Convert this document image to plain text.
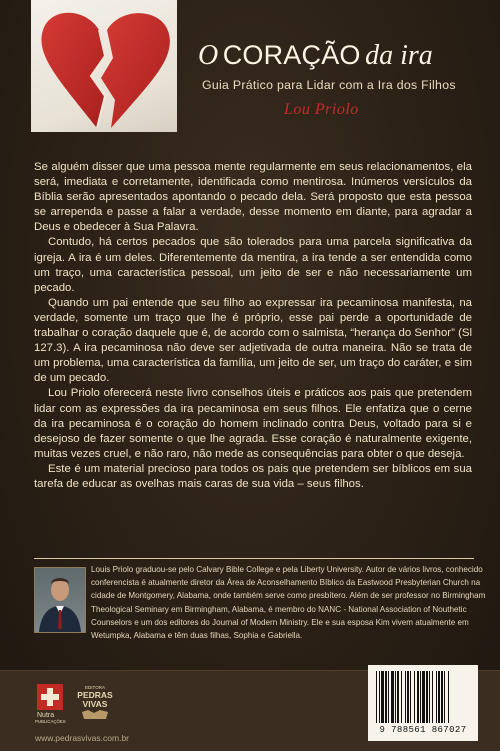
O CORAÇÃO da ira
Guia Prático para Lidar com a Ira dos Filhos
Lou Priolo

Se alguém disser que uma pessoa mente regularmente em seus relacionamentos, ela será, imediata e corretamente, identificada como mentirosa. Inúmeros versículos da Bíblia serão apresentados apontando o pecado dela. Será proposto que esta pessoa se arrependa e passe a falar a verdade, desse momento em diante, para agradar a Deus e obedecer à Sua Palavra.

Contudo, há certos pecados que são tolerados para uma parcela significativa da igreja. A ira é um deles. Diferentemente da mentira, a ira tende a ser entendida como um traço, uma característica pessoal, um jeito de ser e não necessariamente um pecado.

Quando um pai entende que seu filho ao expressar ira pecaminosa manifesta, na verdade, somente um traço que lhe é próprio, esse pai perde a oportunidade de trabalhar o coração daquele que é, de acordo com o salmista, “herança do Senhor” (Sl 127.3). A ira pecaminosa não deve ser adjetivada de outra maneira. Não se trata de um problema, uma característica da família, um jeito de ser, um traço do caráter, e sim de um pecado.

Lou Priolo oferecerá neste livro conselhos úteis e práticos aos pais que pretendem lidar com as expressões da ira pecaminosa em seus filhos. Ele enfatiza que o cerne da ira pecaminosa é o coração do homem inclinado contra Deus, voltado para si e desejoso de fazer somente o que lhe agrada. Esse coração é naturalmente exigente, muitas vezes cruel, e não raro, não mede as consequências para obter o que deseja.

Este é um material precioso para todos os pais que pretendem ser bíblicos em sua tarefa de educar as ovelhas mais caras de sua vida – seus filhos.

Louis Priolo graduou-se pelo Calvary Bible College e pela Liberty University. Autor de vários livros, conhecido conferencista é atualmente diretor da Área de Aconselhamento Bíblico da Eastwood Presbyterian Church na cidade de Montgomery, Alabama, onde também serve como presbítero. Além de ser professor no Birmingham Theological Seminary em Birmingham, Alabama, é membro do NANC - National Association of Nouthetic Counselors e um dos editores do Journal of Modern Ministry. Ele e sua esposa Kim vivem atualmente em Wetumpka, Alabama e têm duas filhas, Sophia e Gabriella.
Nutra
PUBLICAÇÕES
EDITORA
PEDRAS
VIVAS
www.pedrasvivas.com.br
9 788561 867027
